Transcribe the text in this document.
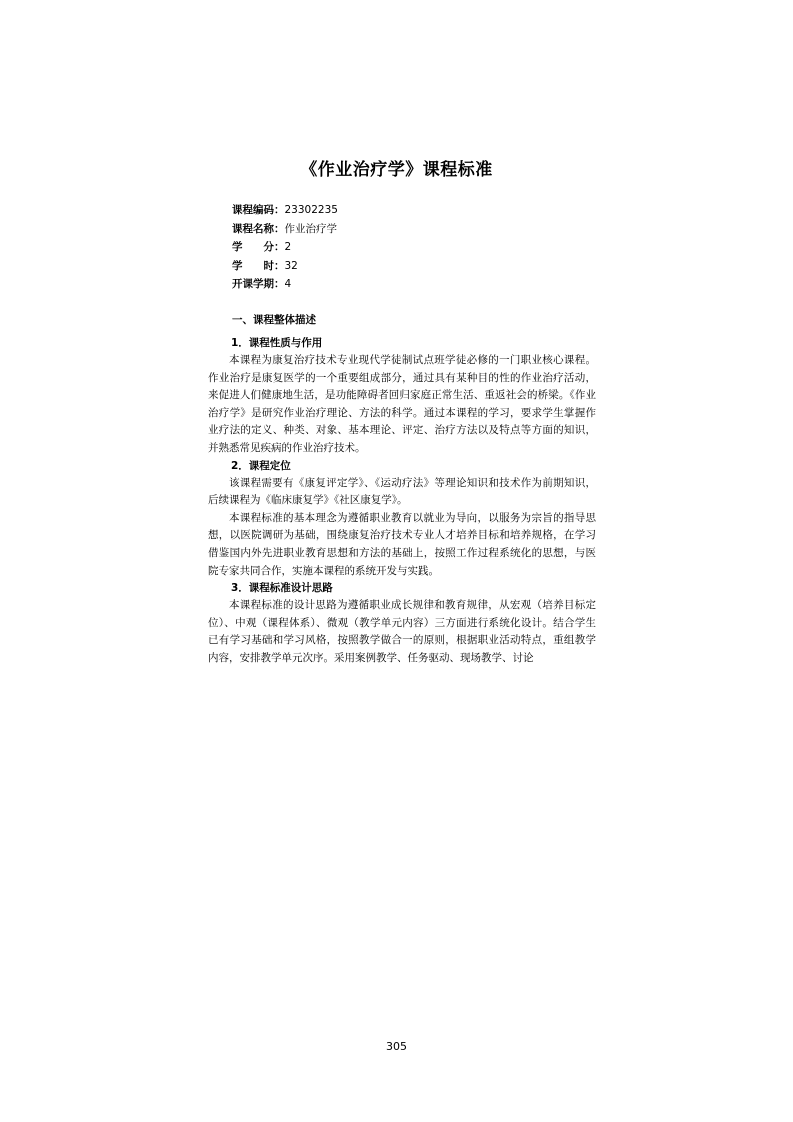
《作业治疗学》课程标准
课程编码：23302235
课程名称：作业治疗学
学　　分：2
学　　时：32
开课学期：4
一、课程整体描述
1．课程性质与作用

本课程为康复治疗技术专业现代学徒制试点班学徒必修的一门职业核心课程。作业治疗是康复医学的一个重要组成部分，通过具有某种目的性的作业治疗活动，来促进人们健康地生活，是功能障碍者回归家庭正常生活、重返社会的桥梁。《作业治疗学》是研究作业治疗理论、方法的科学。通过本课程的学习，要求学生掌握作业疗法的定义、种类、对象、基本理论、评定、治疗方法以及特点等方面的知识，并熟悉常见疾病的作业治疗技术。

2．课程定位

该课程需要有《康复评定学》、《运动疗法》等理论知识和技术作为前期知识，后续课程为《临床康复学》《社区康复学》。

本课程标准的基本理念为遵循职业教育以就业为导向，以服务为宗旨的指导思想，以医院调研为基础，围绕康复治疗技术专业人才培养目标和培养规格，在学习借鉴国内外先进职业教育思想和方法的基础上，按照工作过程系统化的思想，与医院专家共同合作，实施本课程的系统开发与实践。

3．课程标准设计思路

本课程标准的设计思路为遵循职业成长规律和教育规律，从宏观（培养目标定位）、中观（课程体系）、微观（教学单元内容）三方面进行系统化设计。结合学生已有学习基础和学习风格，按照教学做合一的原则，根据职业活动特点，重组教学内容，安排教学单元次序。采用案例教学、任务驱动、现场教学、讨论

305
